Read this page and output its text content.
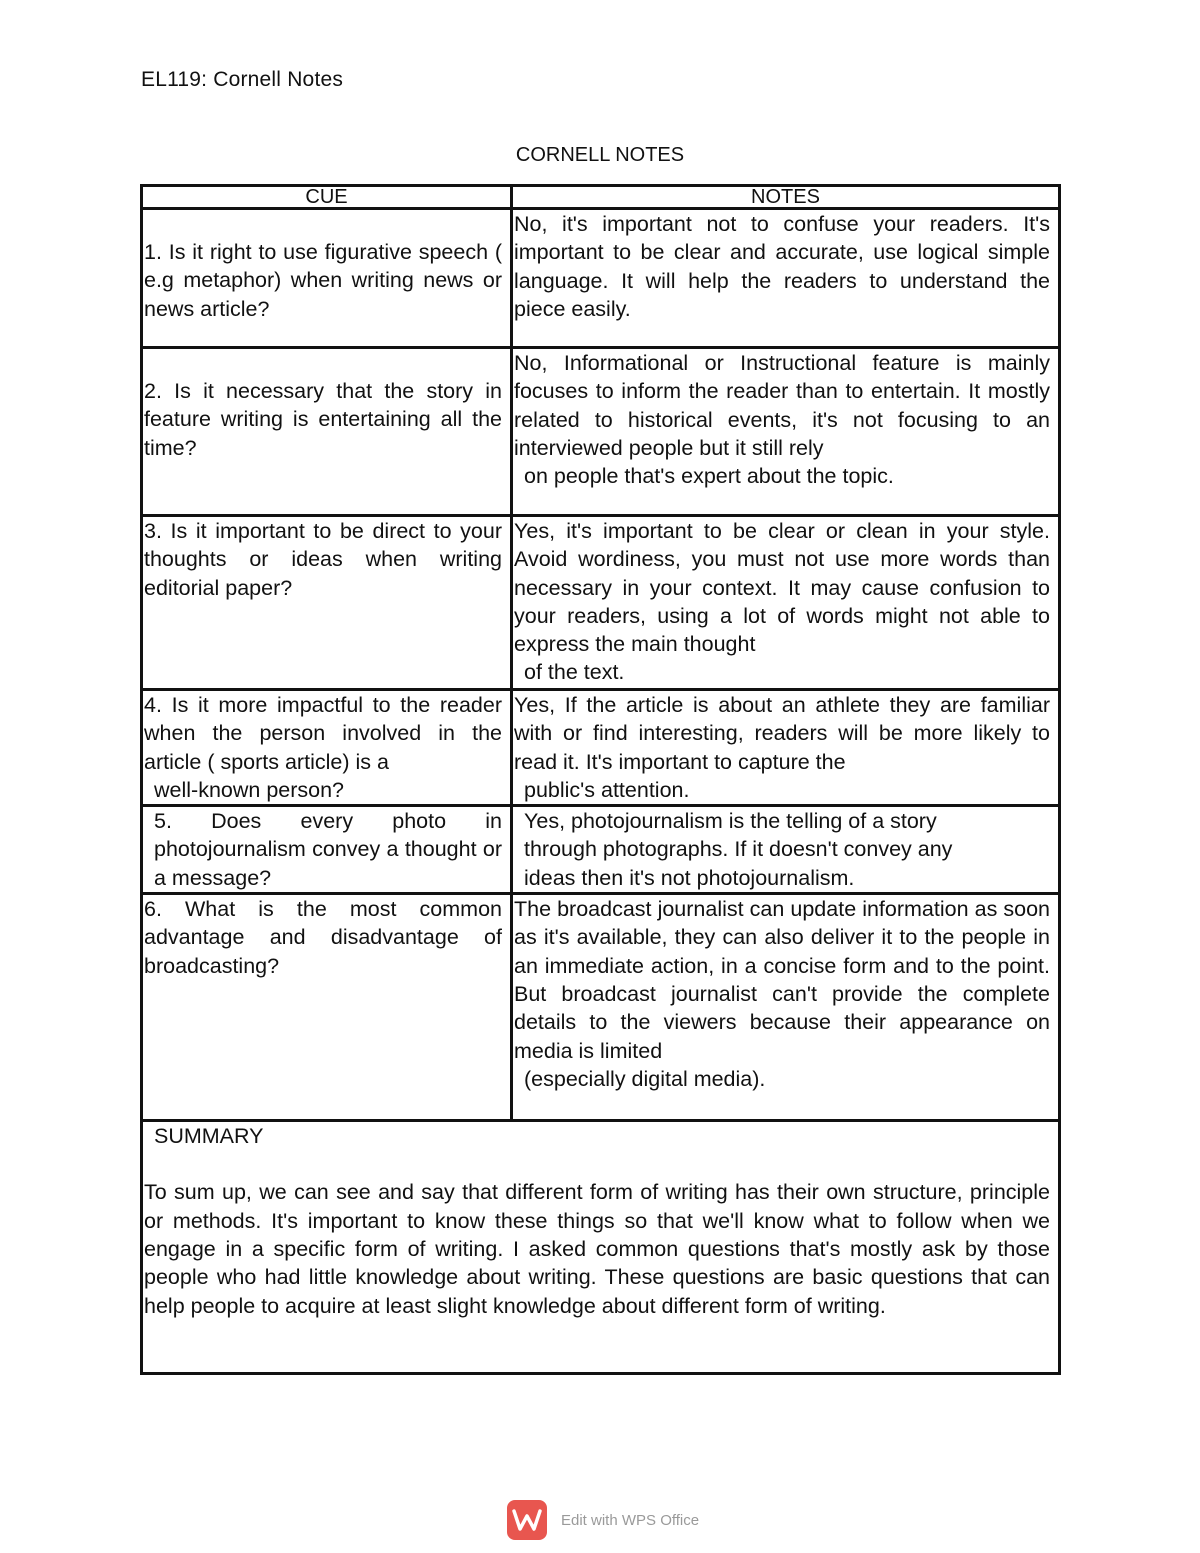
EL119: Cornell Notes
CORNELL NOTES
CUE	NOTES

1. Is it right to use figurative speech ( e.g metaphor) when writing news or news article?	No, it's important not to confuse your readers. It's important to be clear and accurate, use logical simple language. It will help the readers to understand the piece easily.

2. Is it necessary that the story in feature writing is entertaining all the time?	No, Informational or Instructional feature is mainly focuses to inform the reader than to entertain. It mostly related to historical events, it's not focusing to an interviewed people but it still rely
on people that's expert about the topic.

3. Is it important to be direct to your thoughts or ideas when writing editorial paper?	Yes, it's important to be clear or clean in your style. Avoid wordiness, you must not use more words than necessary in your context. It may cause confusion to your readers, using a lot of words might not able to express the main thought
of the text.

4. Is it more impactful to the reader when the person involved in the article ( sports article) is a
well-known person?	Yes, If the article is about an athlete they are familiar with or find interesting, readers will be more likely to read it. It's important to capture the
public's attention.

5. Does every photo in photojournalism convey a thought or a message?	Yes, photojournalism is the telling of a story
through photographs. If it doesn't convey any
ideas then it's not photojournalism.

6. What is the most common advantage and disadvantage of broadcasting?	The broadcast journalist can update information as soon as it's available, they can also deliver it to the people in an immediate action, in a concise form and to the point. But broadcast journalist can't provide the complete details to the viewers because their appearance on media is limited
(especially digital media).

SUMMARY
To sum up, we can see and say that different form of writing has their own structure, principle or methods. It's important to know these things so that we'll know what to follow when we engage in a specific form of writing. I asked common questions that's mostly ask by those people who had little knowledge about writing. These questions are basic questions that can help people to acquire at least slight knowledge about different form of writing.	
Edit with WPS Office
